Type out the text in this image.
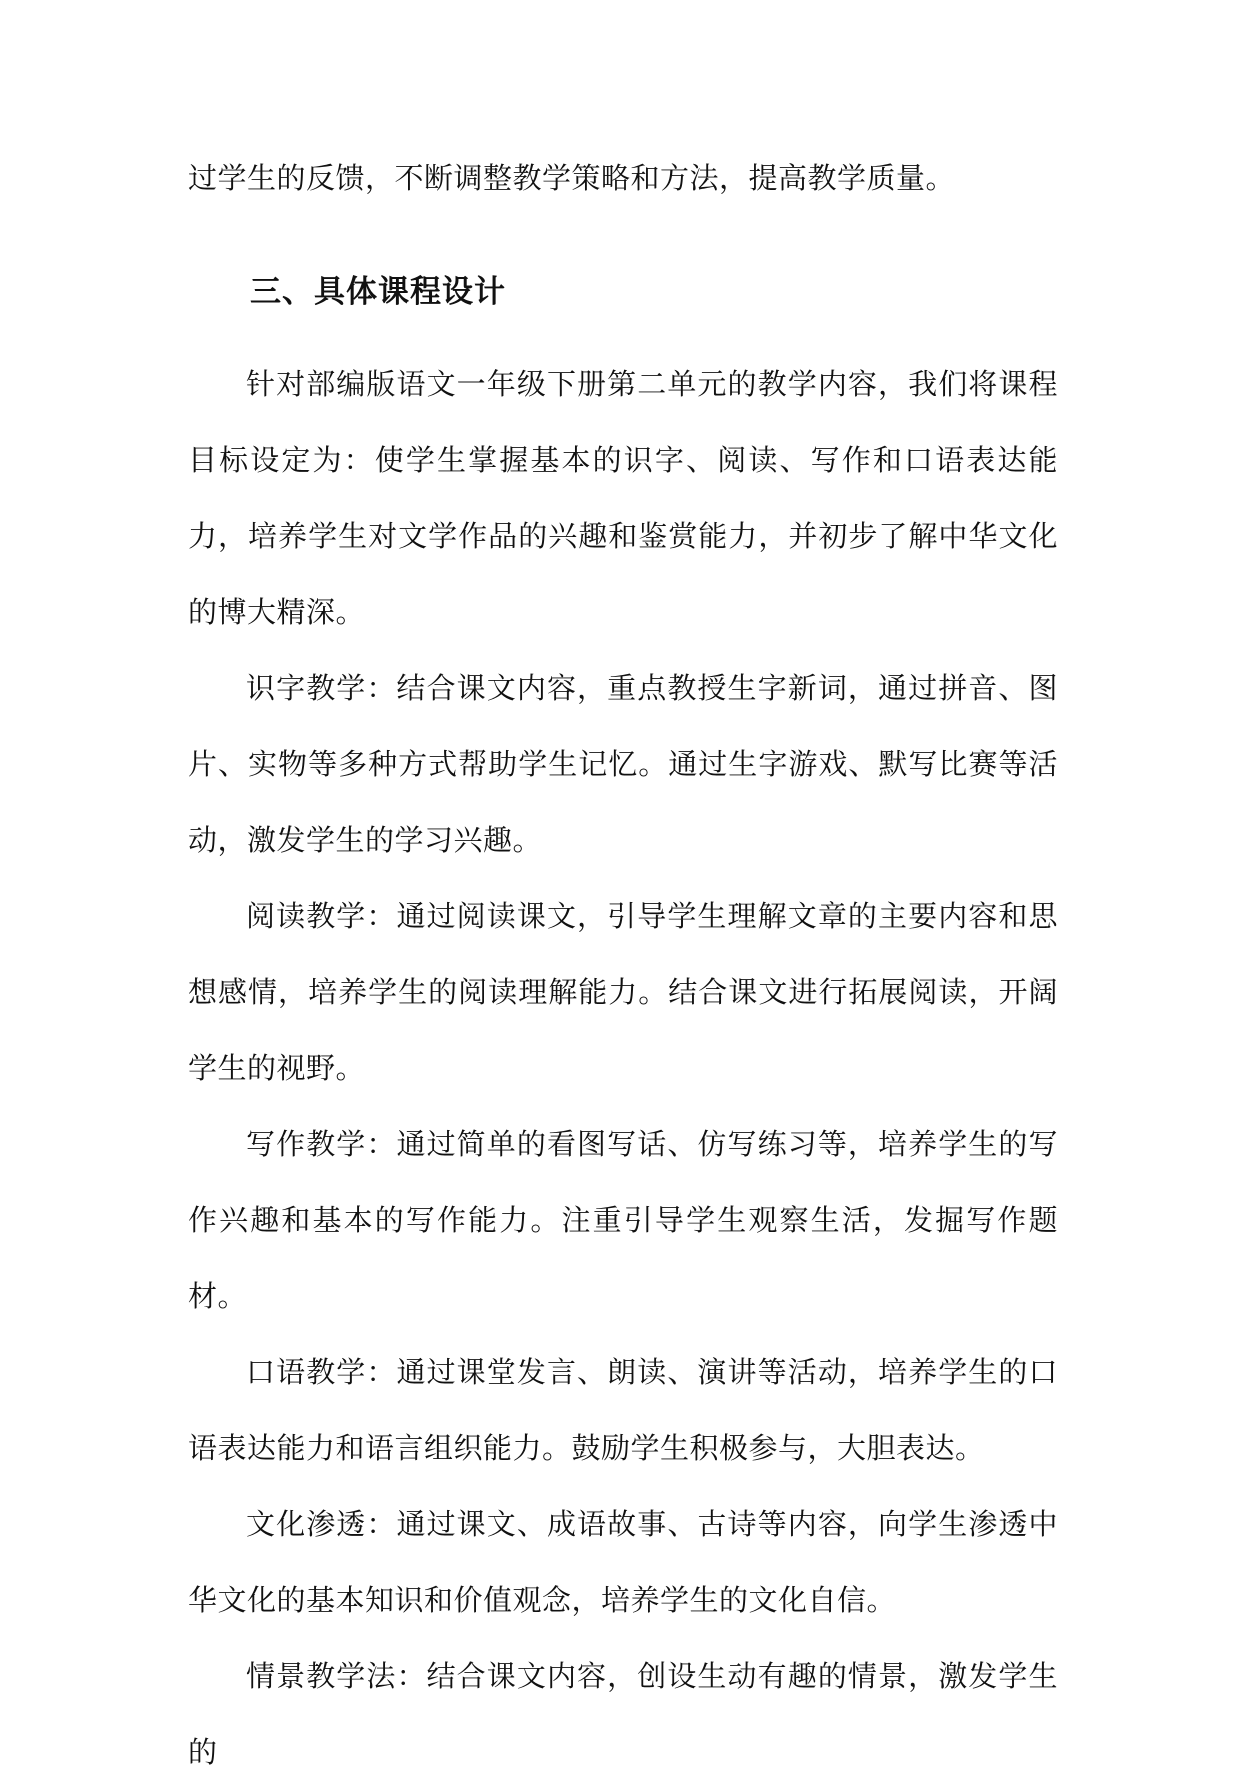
过学生的反馈，不断调整教学策略和方法，提高教学质量。

三、具体课程设计

针对部编版语文一年级下册第二单元的教学内容，我们将课程目标设定为：使学生掌握基本的识字、阅读、写作和口语表达能力，培养学生对文学作品的兴趣和鉴赏能力，并初步了解中华文化的博大精深。

识字教学：结合课文内容，重点教授生字新词，通过拼音、图片、实物等多种方式帮助学生记忆。通过生字游戏、默写比赛等活动，激发学生的学习兴趣。

阅读教学：通过阅读课文，引导学生理解文章的主要内容和思想感情，培养学生的阅读理解能力。结合课文进行拓展阅读，开阔学生的视野。

写作教学：通过简单的看图写话、仿写练习等，培养学生的写作兴趣和基本的写作能力。注重引导学生观察生活，发掘写作题材。

口语教学：通过课堂发言、朗读、演讲等活动，培养学生的口语表达能力和语言组织能力。鼓励学生积极参与，大胆表达。

文化渗透：通过课文、成语故事、古诗等内容，向学生渗透中华文化的基本知识和价值观念，培养学生的文化自信。

情景教学法：结合课文内容，创设生动有趣的情景，激发学生的
